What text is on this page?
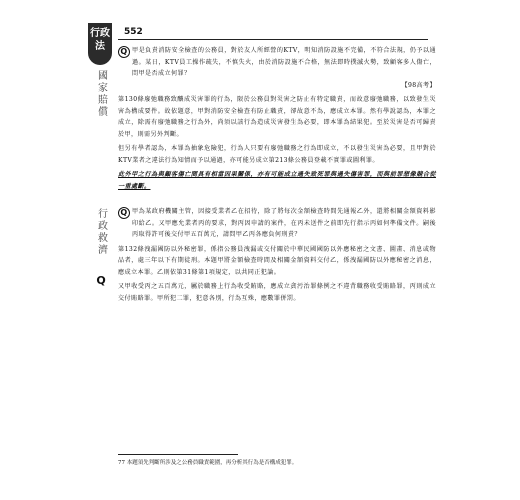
行政
法
552
國家賠償
行政救濟
Q
Q 甲是負責消防安全檢查的公務員，對於友人所經營的KTV，明知消防設施不完備，不符合法規，仍予以通過。某日，KTV員工操作疏失，不慎失火，由於消防設施不合格，無法即時撲滅火勢，致顧客多人傷亡，問甲是否成立何罪？
【98高考】

第130條廢弛職務致釀成災害罪的行為，限於公務員對災害之防止有特定職責，而故意廢弛職務，以致發生災害為構成要件。故依題意，甲對消防安全檢查有防止職責，卻故意不為，應成立本罪。然有學說認為，本罪之成立，除需有廢弛職務之行為外，尚須以該行為造成災害發生為必要，即本罪為結果犯。至於災害是否可歸責於甲，則需另外判斷。

但另有學者認為，本罪為抽象危險犯，行為人只要有廢弛職務之行為即成立，不以發生災害為必要，且甲對於KTV業者之違法行為知情而予以通過，亦可能另成立第213條公務員登載不實罪或圖利罪。

此外甲之行為與顧客傷亡間具有相當因果關係，亦有可能成立過失致死罪與過失傷害罪，而與前罪想像競合從一重處斷。

Q 甲為某政府機關主管，因接受業者乙在招待，除了將每次金額檢查時間先通報乙外，還將相關金額資料影印給乙。又甲應允業者丙的要求，對丙因申請的案件，在丙未送件之前即先行指示丙如何準備文件。嗣後丙取得許可後交付甲五百萬元，請問甲乙丙各應負何刑責？

第132條洩漏國防以外秘密罪，係指公務員洩漏或交付關於中華民國國防以外應秘密之文書、圖畫、消息或物品者，處三年以下有期徒刑。本題甲將金額檢查時間及相關金額資料交付乙，係洩漏國防以外應秘密之消息，應成立本罪。乙則依第31條第1項規定，以共同正犯論。

又甲收受丙之五百萬元，屬於職務上行為收受賄賂，應成立貪污治罪條例之不違背職務收受賄賂罪，丙則成立交付賄賂罪。甲所犯二罪，犯意各別，行為互殊，應數罪併罰。

77 本題須先判斷所涉及之公務員職責範圍，再分析其行為是否構成犯罪。
